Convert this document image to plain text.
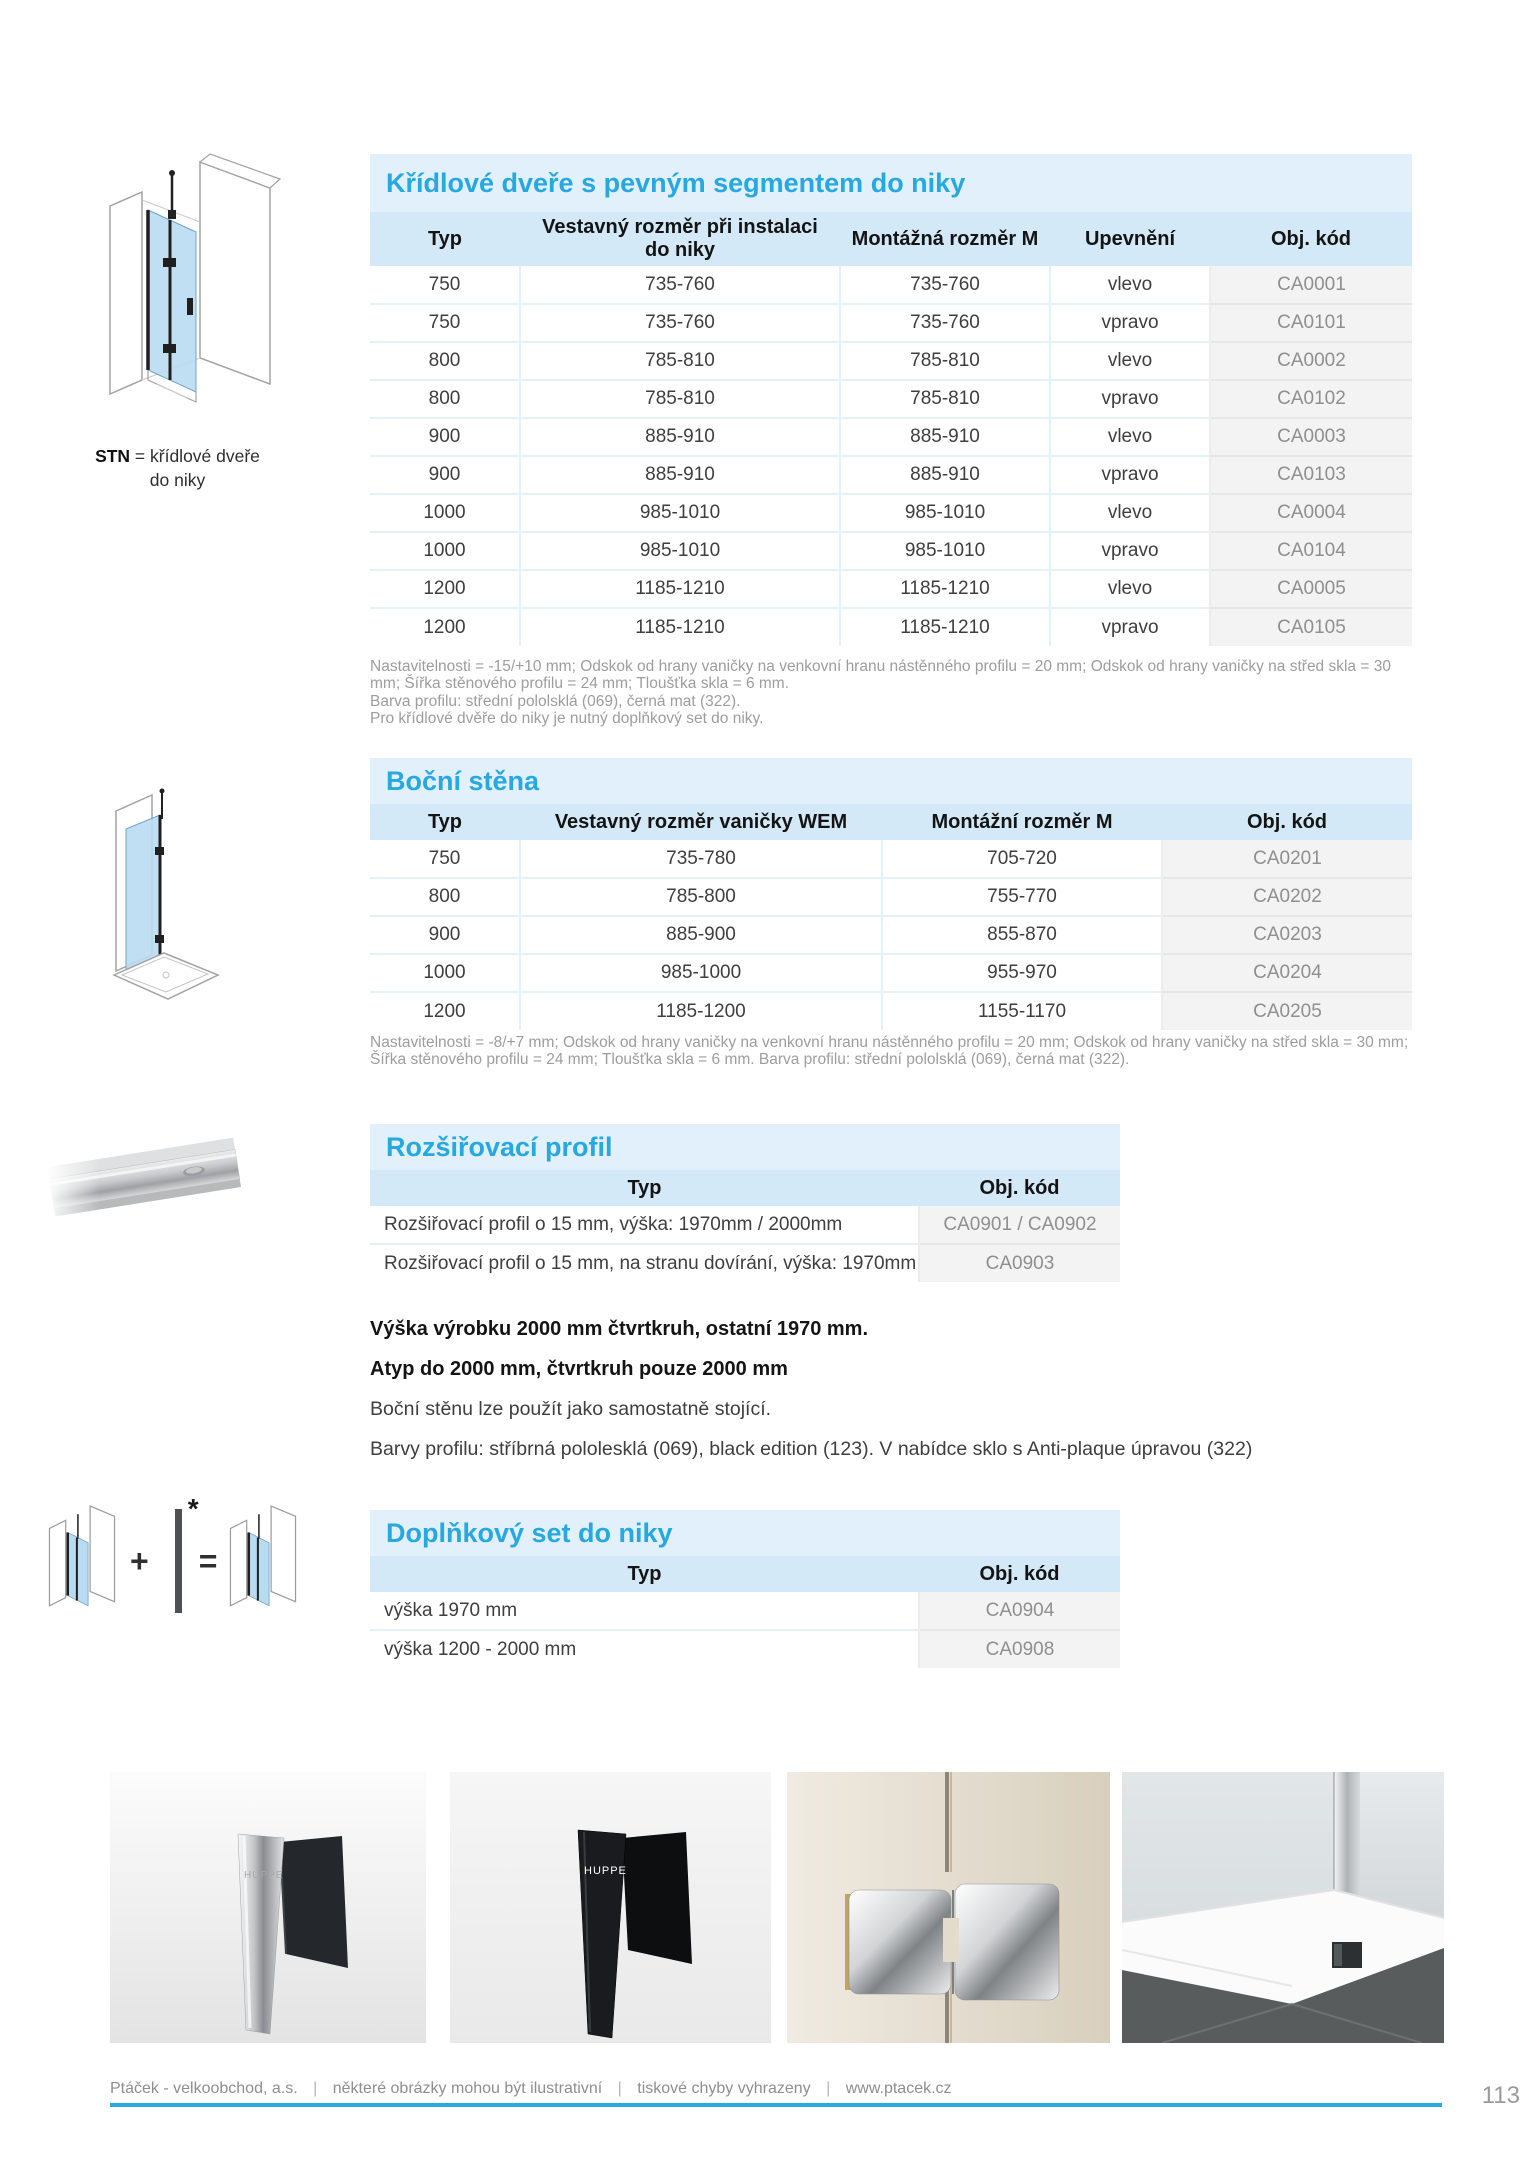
STN = křídlové dveře
do niky
+
*
=
Křídlové dveře s pevným segmentem do niky
Typ	Vestavný rozměr při instalaci do niky	Montážná rozměr M	Upevnění	Obj. kód
750	735-760	735-760	vlevo	CA0001
750	735-760	735-760	vpravo	CA0101
800	785-810	785-810	vlevo	CA0002
800	785-810	785-810	vpravo	CA0102
900	885-910	885-910	vlevo	CA0003
900	885-910	885-910	vpravo	CA0103
1000	985-1010	985-1010	vlevo	CA0004
1000	985-1010	985-1010	vpravo	CA0104
1200	1185-1210	1185-1210	vlevo	CA0005
1200	1185-1210	1185-1210	vpravo	CA0105
Nastavitelnosti = -15/+10 mm; Odskok od hrany vaničky na venkovní hranu nástěnného profilu = 20 mm; Odskok od hrany vaničky na střed skla = 30 mm; Šířka stěnového profilu = 24 mm; Tloušťka skla = 6 mm.
Barva profilu: střední pololsklá (069), černá mat (322).
Pro křídlové dvěře do niky je nutný doplňkový set do niky.
Boční stěna
Typ	Vestavný rozměr vaničky WEM	Montážní rozměr M	Obj. kód
750	735-780	705-720	CA0201
800	785-800	755-770	CA0202
900	885-900	855-870	CA0203
1000	985-1000	955-970	CA0204
1200	1185-1200	1155-1170	CA0205
Nastavitelnosti = -8/+7 mm; Odskok od hrany vaničky na venkovní hranu nástěnného profilu = 20 mm; Odskok od hrany vaničky na střed skla = 30 mm; Šířka stěnového profilu = 24 mm; Tloušťka skla = 6 mm. Barva profilu: střední pololsklá (069), černá mat (322).
Rozšiřovací profil
Typ	Obj. kód
Rozšiřovací profil o 15 mm, výška: 1970mm / 2000mm	CA0901 / CA0902
Rozšiřovací profil o 15 mm, na stranu dovírání, výška: 1970mm	CA0903
Výška výrobku 2000 mm čtvrtkruh, ostatní 1970 mm.
Atyp do 2000 mm, čtvrtkruh pouze 2000 mm
Boční stěnu lze použít jako samostatně stojící.
Barvy profilu: stříbrná pololesklá (069), black edition (123). V nabídce sklo s Anti-plaque úpravou (322)
Doplňkový set do niky
Typ	Obj. kód
výška 1970 mm	CA0904
výška 1200 - 2000 mm	CA0908
HUPPE	HUPPE
Ptáček - velkoobchod, a.s. | některé obrázky mohou být ilustrativní | tiskové chyby vyhrazeny | www.ptacek.cz	113
